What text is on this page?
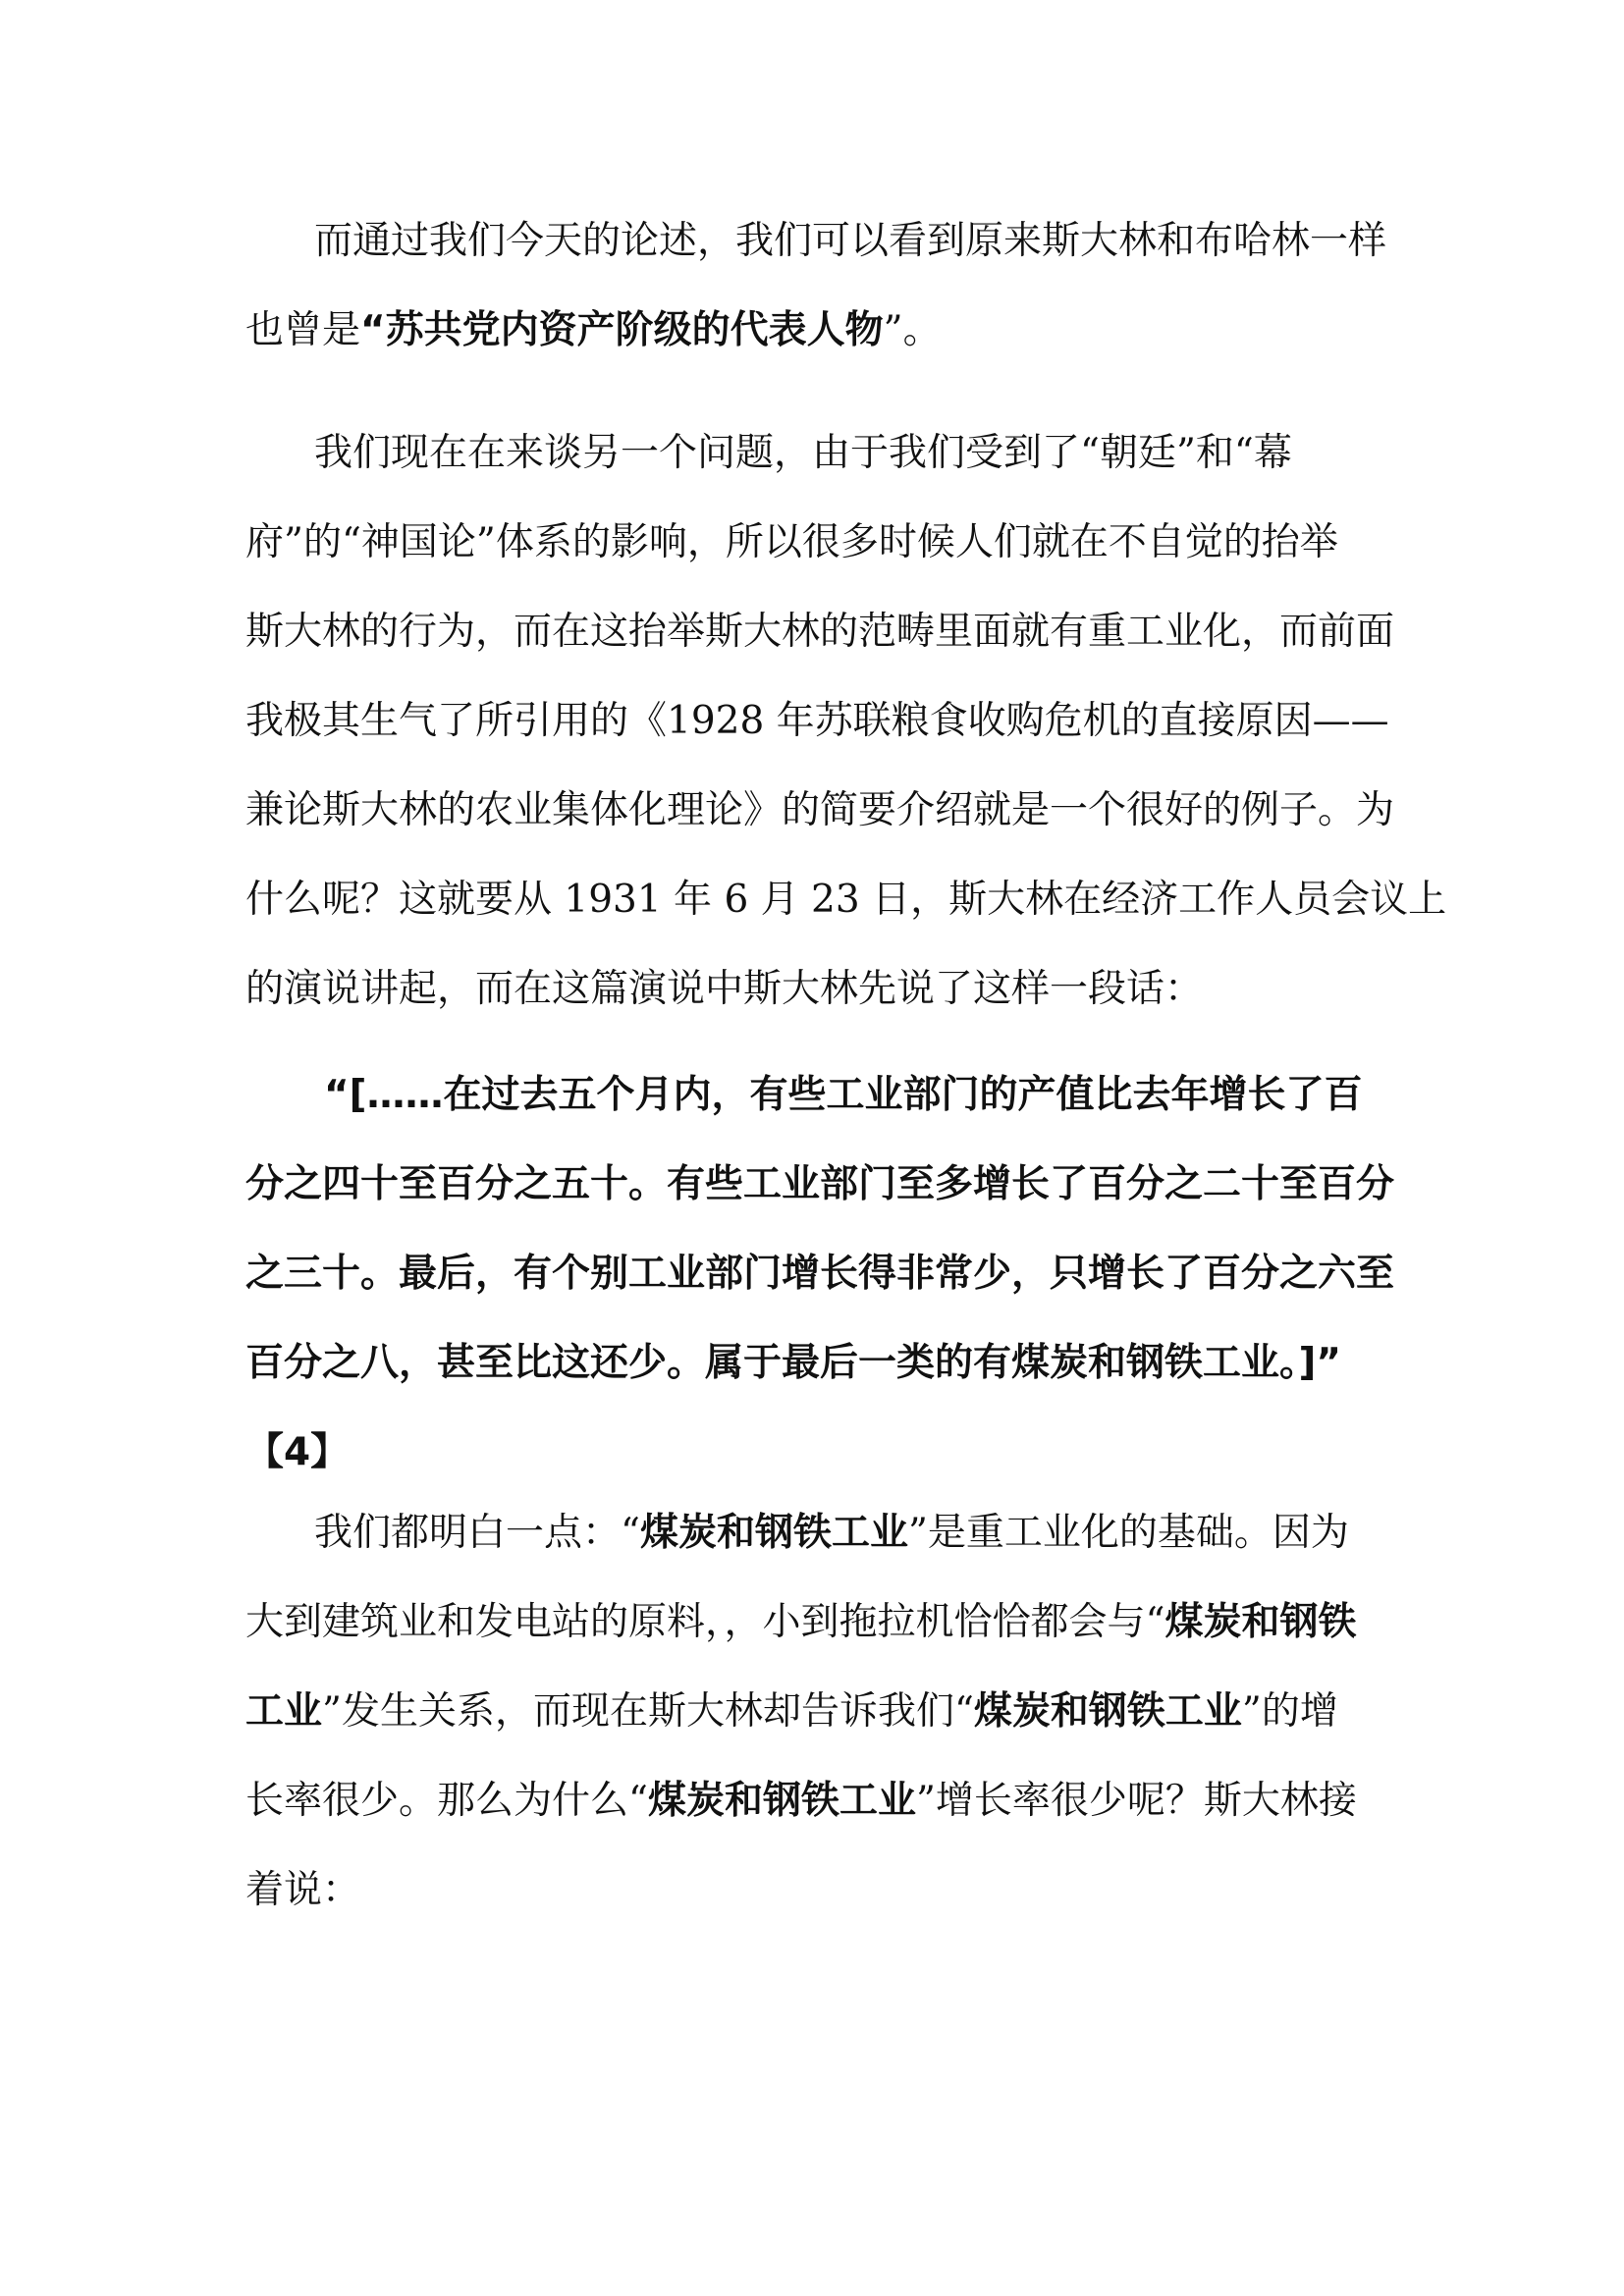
而通过我们今天的论述，我们可以看到原来斯大林和布哈林一样
也曾是“苏共党内资产阶级的代表人物”。
我们现在在来谈另一个问题，由于我们受到了“朝廷”和“幕
府”的“神国论”体系的影响，所以很多时候人们就在不自觉的抬举
斯大林的行为，而在这抬举斯大林的范畴里面就有重工业化，而前面
我极其生气了所引用的《1928 年苏联粮食收购危机的直接原因——
兼论斯大林的农业集体化理论》的简要介绍就是一个很好的例子。为
什么呢？这就要从 1931 年 6 月 23 日，斯大林在经济工作人员会议上
的演说讲起，而在这篇演说中斯大林先说了这样一段话：
“[……在过去五个月内，有些工业部门的产值比去年增长了百
分之四十至百分之五十。有些工业部门至多增长了百分之二十至百分
之三十。最后，有个别工业部门增长得非常少，只增长了百分之六至
百分之八，甚至比这还少。属于最后一类的有煤炭和钢铁工业。]”
【4】
我们都明白一点：“煤炭和钢铁工业”是重工业化的基础。因为
大到建筑业和发电站的原料，，小到拖拉机恰恰都会与“煤炭和钢铁
工业”发生关系，而现在斯大林却告诉我们“煤炭和钢铁工业”的增
长率很少。那么为什么“煤炭和钢铁工业”增长率很少呢？斯大林接
着说：
